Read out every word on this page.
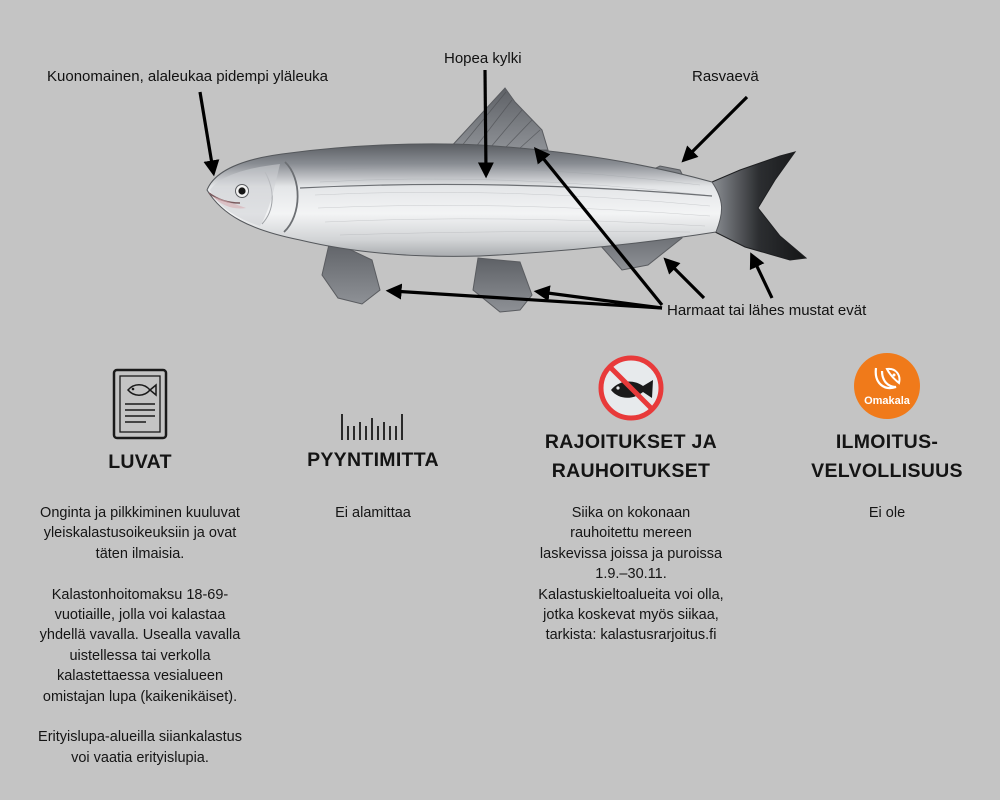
Kuonomainen, alaleukaa pidempi yläleuka
Hopea kylki
Rasvaevä
Harmaat tai lähes mustat evät
LUVAT
Onginta ja pilkkiminen kuuluvat yleiskalastusoikeuksiin ja ovat täten ilmaisia.

Kalastonhoitomaksu 18-69-vuotiaille, jolla voi kalastaa yhdellä vavalla. Usealla vavalla uistellessa tai verkolla kalastettaessa vesialueen omistajan lupa (kaikenikäiset).

Erityislupa-alueilla siiankalastus voi vaatia erityislupia.
PYYNTIMITTA
Ei alamittaa
RAJOITUKSET JA
RAUHOITUKSET
Siika on kokonaan rauhoitettu mereen laskevissa joissa ja puroissa 1.9.–30.11. Kalastuskieltoalueita voi olla, jotka koskevat myös siikaa, tarkista: kalastusrarjoitus.fi
Omakala
ILMOITUS-
VELVOLLISUUS
Ei ole
